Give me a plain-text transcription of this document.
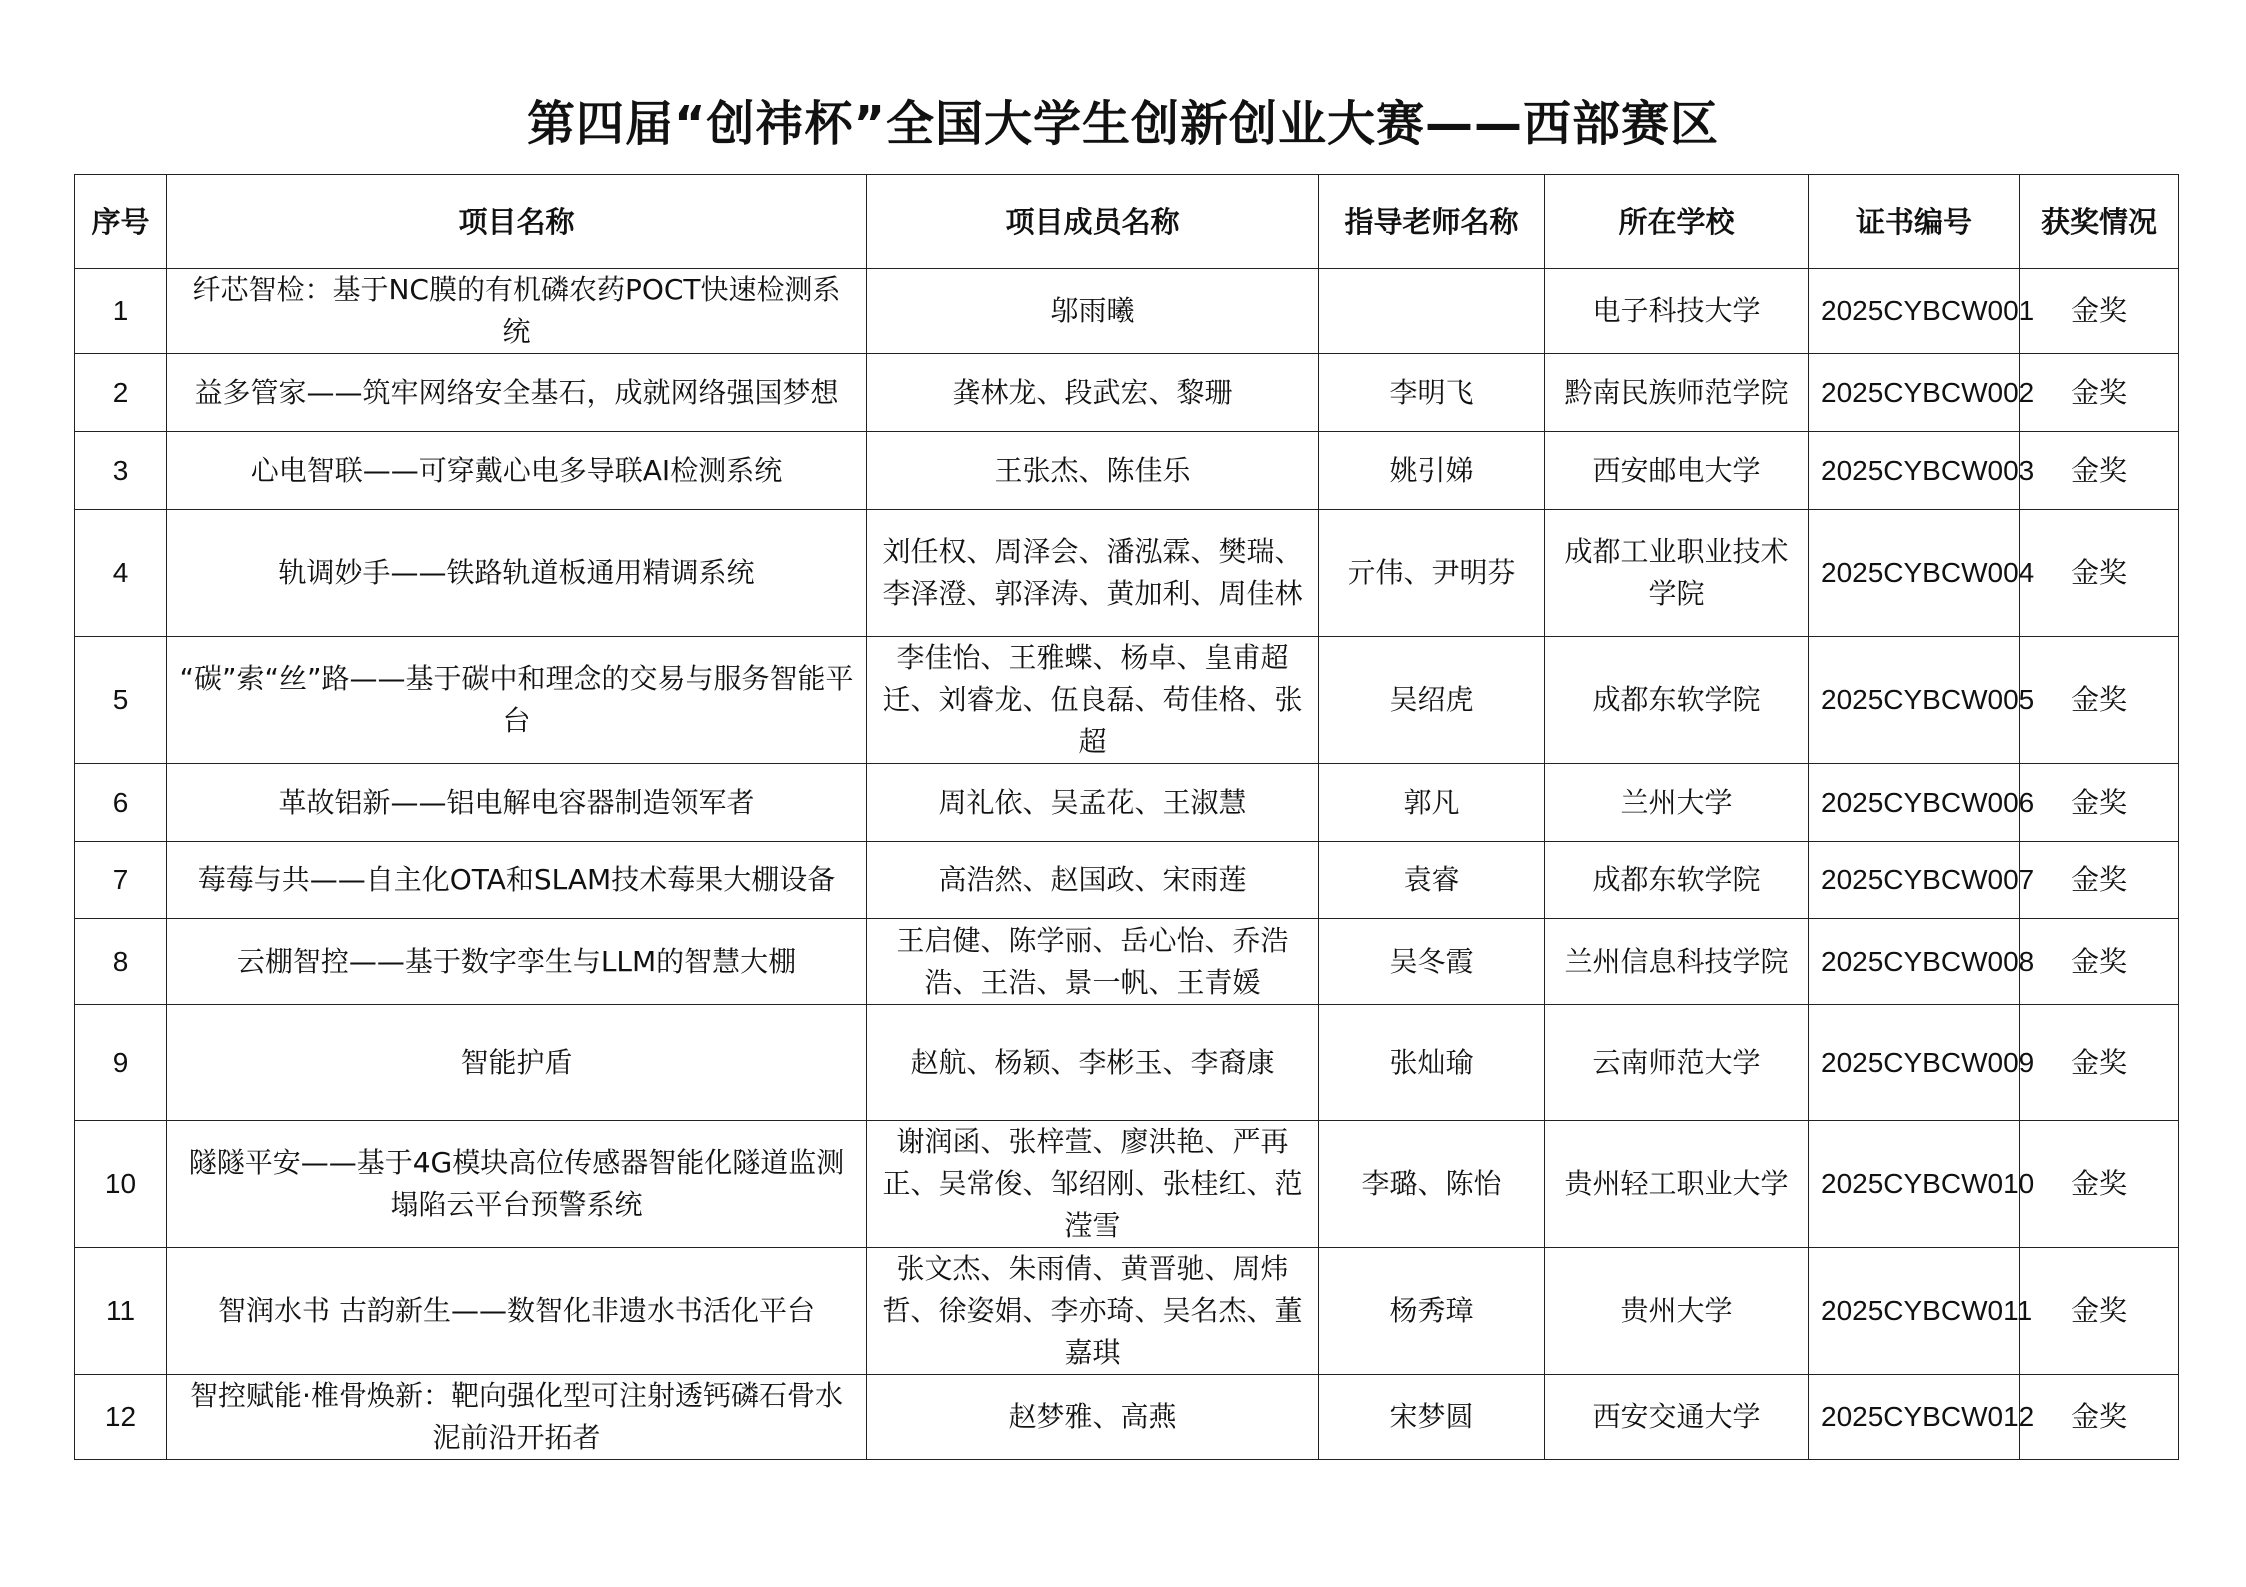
第四届“创祎杯”全国大学生创新创业大赛——西部赛区
序号	项目名称	项目成员名称	指导老师名称	所在学校	证书编号	获奖情况
1	纤芯智检：基于NC膜的有机磷农药POCT快速检测系统	邬雨曦		电子科技大学	2025CYBCW001	金奖
2	益多管家——筑牢网络安全基石，成就网络强国梦想	龚林龙、段武宏、黎珊	李明飞	黔南民族师范学院	2025CYBCW002	金奖
3	心电智联——可穿戴心电多导联AI检测系统	王张杰、陈佳乐	姚引娣	西安邮电大学	2025CYBCW003	金奖
4	轨调妙手——铁路轨道板通用精调系统	刘任权、周泽会、潘泓霖、樊瑞、李泽澄、郭泽涛、黄加利、周佳林	亓伟、尹明芬	成都工业职业技术学院	2025CYBCW004	金奖
5	“碳”索“丝”路——基于碳中和理念的交易与服务智能平台	李佳怡、王雅蝶、杨卓、皇甫超迁、刘睿龙、伍良磊、苟佳格、张超	吴绍虎	成都东软学院	2025CYBCW005	金奖
6	革故铝新——铝电解电容器制造领军者	周礼依、吴孟花、王淑慧	郭凡	兰州大学	2025CYBCW006	金奖
7	莓莓与共——自主化OTA和SLAM技术莓果大棚设备	高浩然、赵国政、宋雨莲	袁睿	成都东软学院	2025CYBCW007	金奖
8	云棚智控——基于数字孪生与LLM的智慧大棚	王启健、陈学丽、岳心怡、乔浩浩、王浩、景一帆、王青媛	吴冬霞	兰州信息科技学院	2025CYBCW008	金奖
9	智能护盾	赵航、杨颖、李彬玉、李裔康	张灿瑜	云南师范大学	2025CYBCW009	金奖
10	隧隧平安——基于4G模块高位传感器智能化隧道监测塌陷云平台预警系统	谢润函、张梓萱、廖洪艳、严再正、吴常俊、邹绍刚、张桂红、范滢雪	李璐、陈怡	贵州轻工职业大学	2025CYBCW010	金奖
11	智润水书 古韵新生——数智化非遗水书活化平台	张文杰、朱雨倩、黄晋驰、周炜哲、徐姿娟、李亦琦、吴名杰、董嘉琪	杨秀璋	贵州大学	2025CYBCW011	金奖
12	智控赋能·椎骨焕新：靶向强化型可注射透钙磷石骨水泥前沿开拓者	赵梦雅、高燕	宋梦圆	西安交通大学	2025CYBCW012	金奖
